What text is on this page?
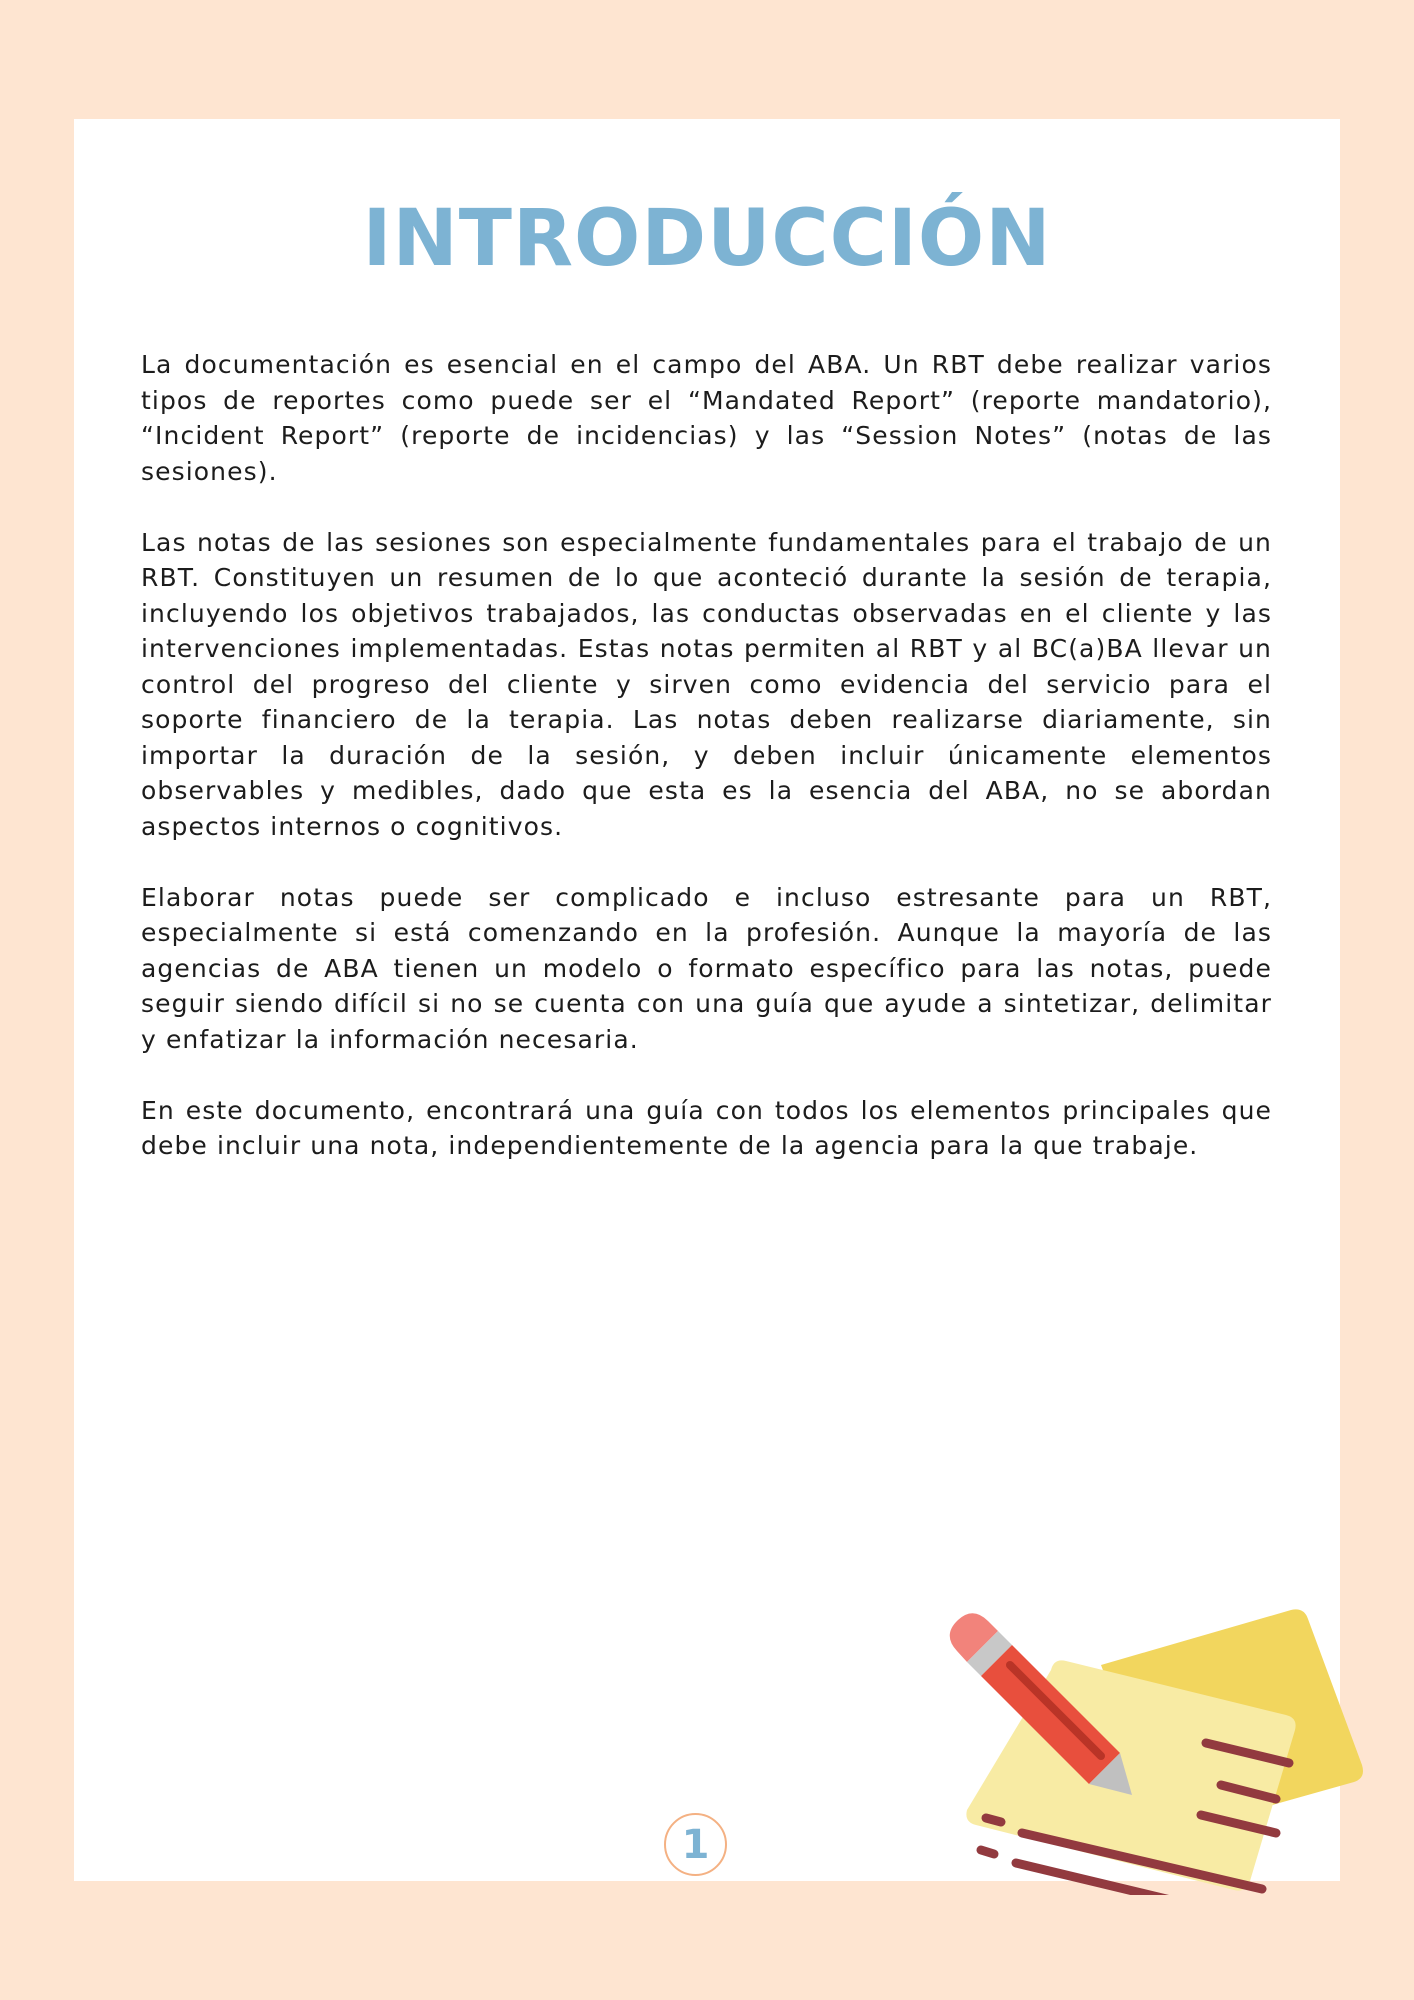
INTRODUCCIÓN

La documentación es esencial en el campo del ABA. Un RBT debe realizar varios tipos de reportes como puede ser el “Mandated Report” (reporte mandatorio), “Incident Report” (reporte de incidencias) y las “Session Notes” (notas de las sesiones).

Las notas de las sesiones son especialmente fundamentales para el trabajo de un RBT. Constituyen un resumen de lo que aconteció durante la sesión de terapia, incluyendo los objetivos trabajados, las conductas observadas en el cliente y las intervenciones implementadas. Estas notas permiten al RBT y al BC(a)BA llevar un control del progreso del cliente y sirven como evidencia del servicio para el soporte financiero de la terapia. Las notas deben realizarse diariamente, sin importar la duración de la sesión, y deben incluir únicamente elementos observables y medibles, dado que esta es la esencia del ABA, no se abordan aspectos internos o cognitivos.

Elaborar notas puede ser complicado e incluso estresante para un RBT, especialmente si está comenzando en la profesión. Aunque la mayoría de las agencias de ABA tienen un modelo o formato específico para las notas, puede seguir siendo difícil si no se cuenta con una guía que ayude a sintetizar, delimitar y enfatizar la información necesaria.

En este documento, encontrará una guía con todos los elementos principales que debe incluir una nota, independientemente de la agencia para la que trabaje.

1
